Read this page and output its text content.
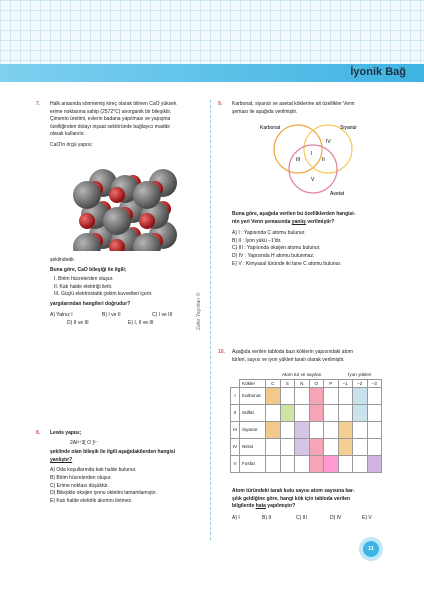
İyonik Bağ
Zafer Yayınları ©
7. Halk arasında sönmemiş kireç olarak bilinen CaO yüksek
erime noktasına sahip (2572°C) anorganik bir bileşiktir.
Çimento üretimi, evlerin badana yapılması ve yapışma
özelliğinden dolayı inşaat sektöründe bağlayıcı madde
olarak kullanılır.
CaO'in örgü yapısı;
şeklindedir.
Buna göre, CaO bileşiği ile ilgili;
I. Birim hücrelerden oluşur.
II. Katı halde elektriği iletir.
III. Güçlü elektrostatik çekim kuvvetleri içerir.
yargılarından hangileri doğrudur?
A) Yalnız I	B) I ve II	C) I ve III
D) II ve III	E) I, II ve III
8. Lewis yapısı;
2Al³⁺3[ O ]²⁻
şeklinde olan bileşik ile ilgili aşağıdakilerden hangisi
yanlıştır?
A) Oda koşullarında katı halde bulunur.
B) Birim hücrelerden oluşur.
C) Erime noktası düşüktür.
D) Bileşikte oksijen iyonu oktetini tamamlamıştır.
E) Katı halde elektrik akımını iletmez.
9. Karbonat, siyanür ve asetat köklerine ait özellikler Venn
şeması ile aşağıda verilmiştir.
Karbonat	Siyanür
Asetat
IV
I
III	II
V
Buna göre, aşağıda verilen bu özelliklerden hangisi-
nin yeri Venn şemasında yanlış verilmiştir?
A) I : Yapısında C atomu bulunur.
B) II : İyon yükü −1'dir.
C) III : Yapısında oksijen atomu bulunur.
D) IV : Yapısında H atomu bulunmaz.
E) V : Kimyasal türünde iki tane C atomu bulunur.
10. Aşağıda verilen tabloda bazı köklerin yapısındaki atom
türleri, sayısı ve iyon yükleri taralı olarak verilmiştir.
		Atom tür ve sayıları					İyon yükleri		
	Kökler	C	S	N	O	P	−1	−2	−3
I	Karbonat								
II	Sülfat								
III	Siyanür								
IV	Nitrat								
V	Fosfat								
Atom türündeki taralı kutu sayısı atom sayısına kar-
şılık geldiğine göre, hangi kök için tabloda verilen
bilgilerde hata yapılmıştır?
A) I	B) II	C) III	D) IV	E) V
11
